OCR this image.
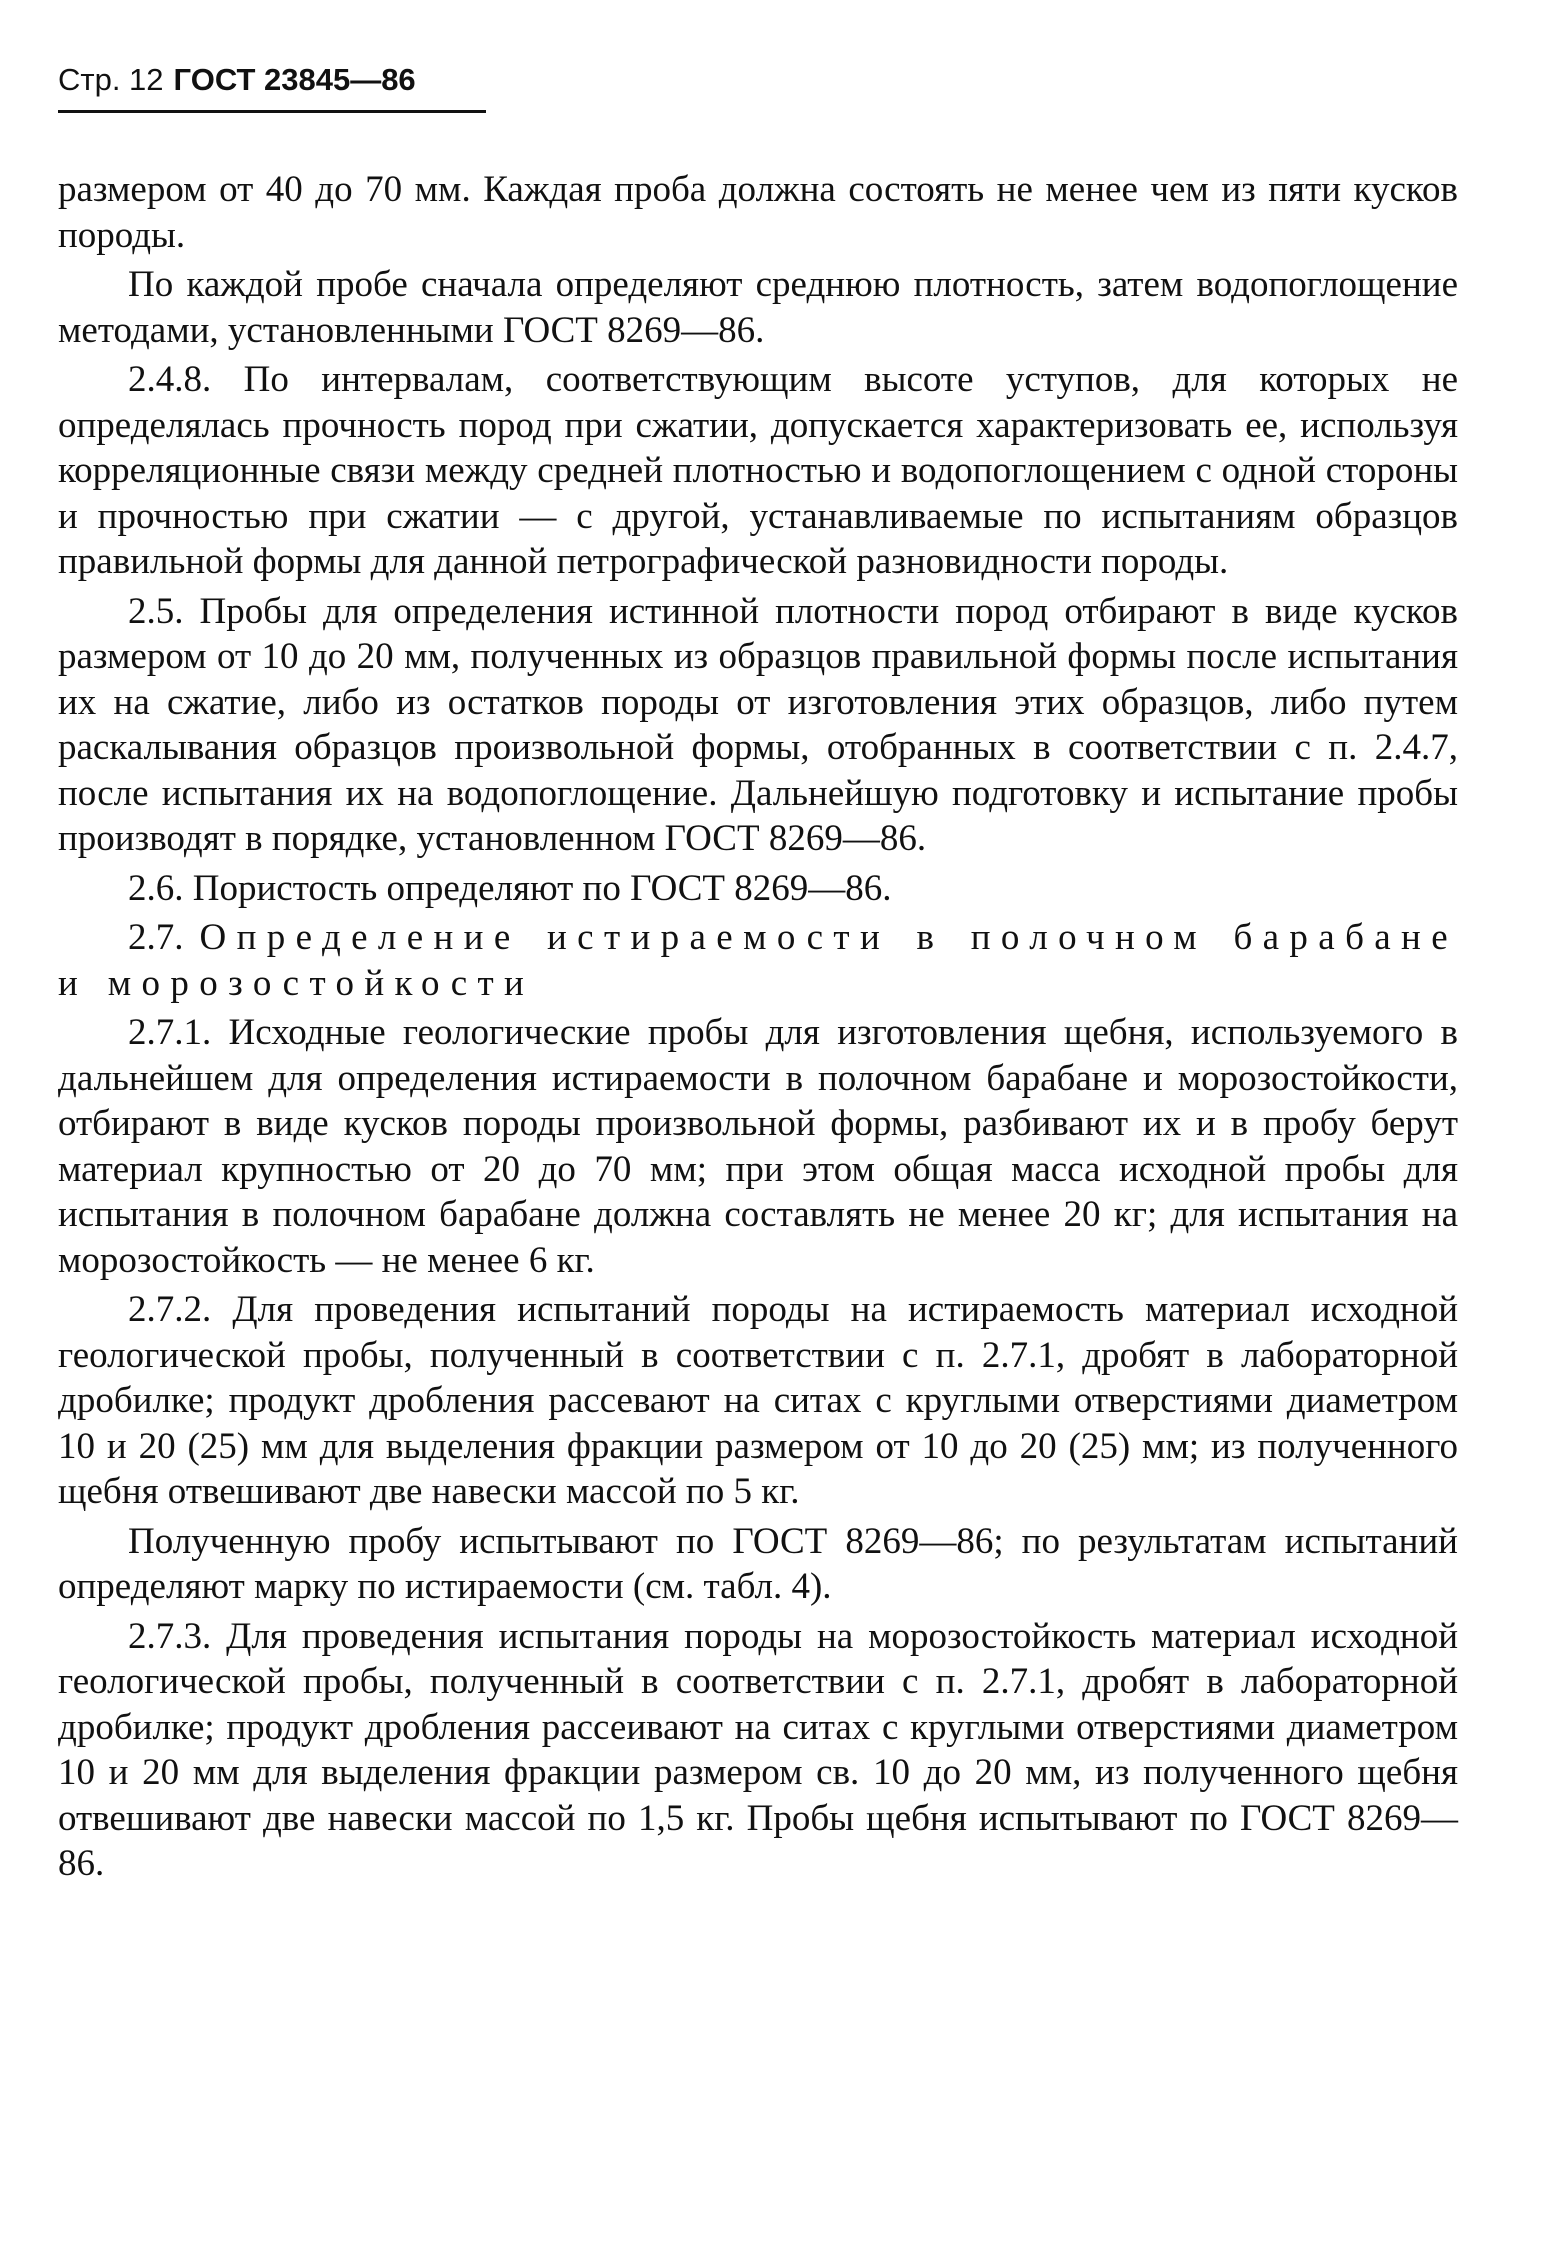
Стр. 12 ГОСТ 23845—86

размером от 40 до 70 мм. Каждая проба должна состоять не менее чем из пяти кусков породы.

По каждой пробе сначала определяют среднюю плотность, затем водопоглощение методами, установленными ГОСТ 8269—86.

2.4.8. По интервалам, соответствующим высоте уступов, для которых не определялась прочность пород при сжатии, допускается характеризовать ее, используя корреляционные связи между средней плотностью и водопоглощением с одной стороны и прочностью при сжатии — с другой, устанавливаемые по испытаниям образцов правильной формы для данной петрографической разновидности породы.

2.5. Пробы для определения истинной плотности пород отбирают в виде кусков размером от 10 до 20 мм, полученных из образцов правильной формы после испытания их на сжатие, либо из остатков породы от изготовления этих образцов, либо путем раскалывания образцов произвольной формы, отобранных в соответствии с п. 2.4.7, после испытания их на водопоглощение. Дальнейшую подготовку и испытание пробы производят в порядке, установленном ГОСТ 8269—86.

2.6. Пористость определяют по ГОСТ 8269—86.

2.7. Определение истираемости в полочном барабане и морозостойкости

2.7.1. Исходные геологические пробы для изготовления щебня, используемого в дальнейшем для определения истираемости в полочном барабане и морозостойкости, отбирают в виде кусков породы произвольной формы, разбивают их и в пробу берут материал крупностью от 20 до 70 мм; при этом общая масса исходной пробы для испытания в полочном барабане должна составлять не менее 20 кг; для испытания на морозостойкость — не менее 6 кг.

2.7.2. Для проведения испытаний породы на истираемость материал исходной геологической пробы, полученный в соответствии с п. 2.7.1, дробят в лабораторной дробилке; продукт дробления рассевают на ситах с круглыми отверстиями диаметром 10 и 20 (25) мм для выделения фракции размером от 10 до 20 (25) мм; из полученного щебня отвешивают две навески массой по 5 кг.

Полученную пробу испытывают по ГОСТ 8269—86; по результатам испытаний определяют марку по истираемости (см. табл. 4).

2.7.3. Для проведения испытания породы на морозостойкость материал исходной геологической пробы, полученный в соответствии с п. 2.7.1, дробят в лабораторной дробилке; продукт дробления рассеивают на ситах с круглыми отверстиями диаметром 10 и 20 мм для выделения фракции размером св. 10 до 20 мм, из полученного щебня отвешивают две навески массой по 1,5 кг. Пробы щебня испытывают по ГОСТ 8269—86.
